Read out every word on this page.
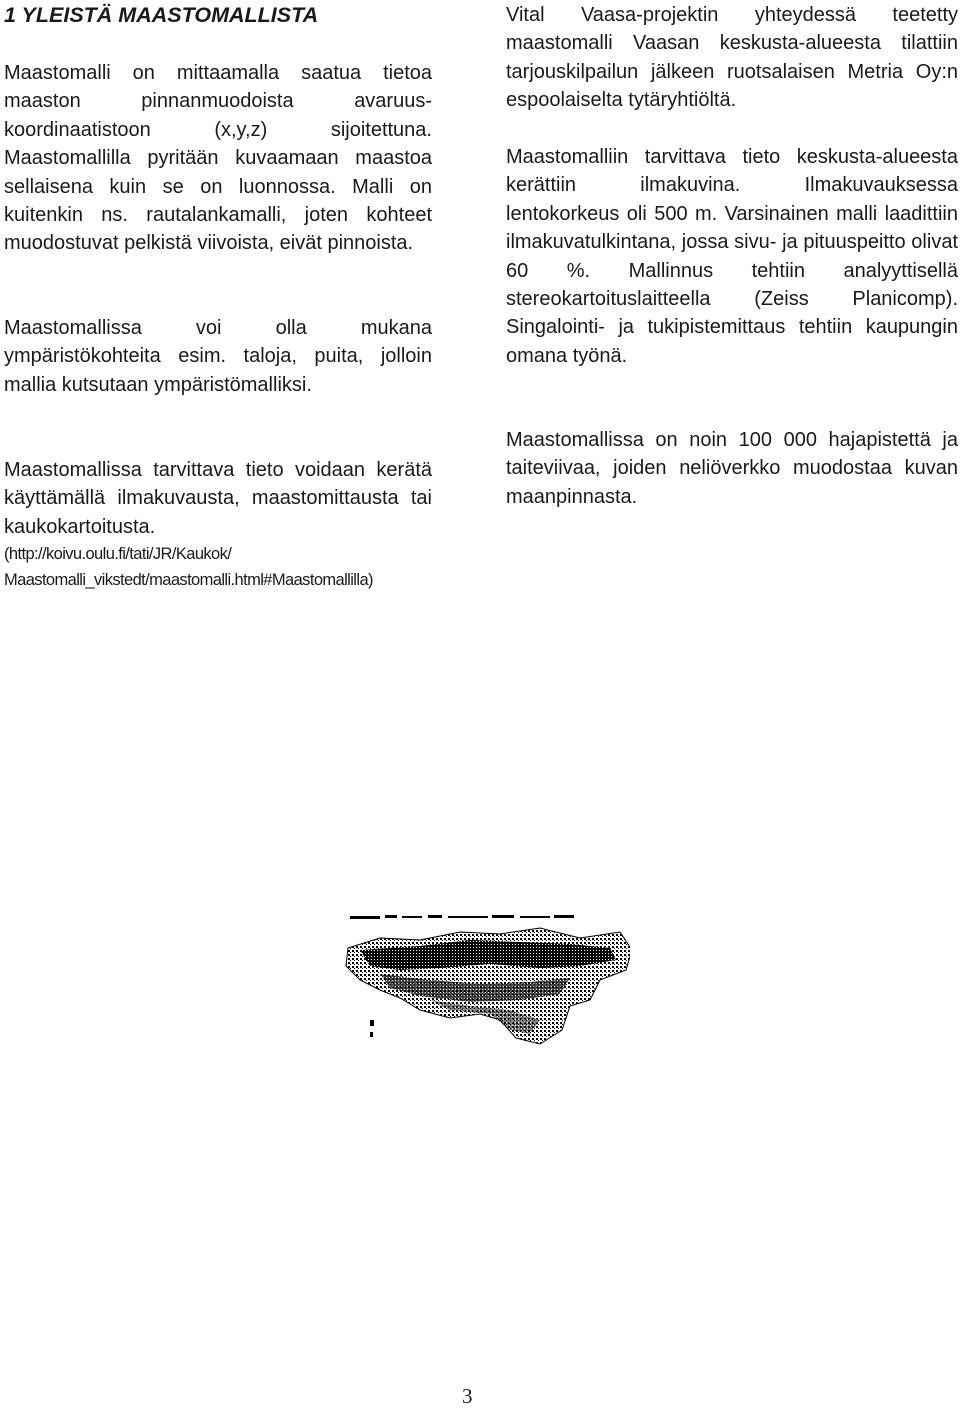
1 YLEISTÄ MAASTOMALLISTA

Maastomalli on mittaamalla saatua tietoa maaston pinnanmuodoista avaruus-koordinaatistoon (x,y,z) sijoitettuna. Maastomallilla pyritään kuvaamaan maastoa sellaisena kuin se on luonnossa. Malli on kuitenkin ns. rautalankamalli, joten kohteet muodostuvat pelkistä viivoista, eivät pinnoista.

Maastomallissa voi olla mukana ympäristökohteita esim. taloja, puita, jolloin mallia kutsutaan ympäristömalliksi.

Maastomallissa tarvittava tieto voidaan kerätä käyttämällä ilmakuvausta, maastomittausta tai kaukokartoitusta.

(http://koivu.oulu.fi/tati/JR/Kaukok/
Maastomalli_vikstedt/maastomalli.html#Maastomallilla)

Vital Vaasa-projektin yhteydessä teetetty maastomalli Vaasan keskusta-alueesta tilattiin tarjouskilpailun jälkeen ruotsalaisen Metria Oy:n espoolaiselta tytäryhtiöltä.

Maastomalliin tarvittava tieto keskusta-alueesta kerättiin ilmakuvina. Ilmakuvauksessa lentokorkeus oli 500 m. Varsinainen malli laadittiin ilmakuvatulkintana, jossa sivu- ja pituuspeitto olivat 60 %. Mallinnus tehtiin analyyttisellä stereokartoituslaitteella (Zeiss Planicomp). Singalointi- ja tukipistemittaus tehtiin kaupungin omana työnä.

Maastomallissa on noin 100 000 hajapistettä ja taiteviivaa, joiden neliöverkko muodostaa kuvan maanpinnasta.

3
